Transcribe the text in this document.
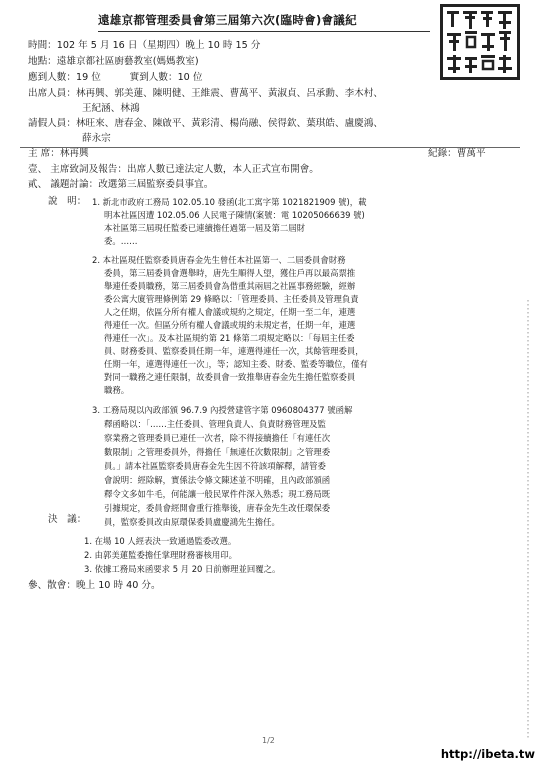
遠雄京都管理委員會第三屆第六次(臨時會)會議紀
時間：102 年 5 月 16 日（星期四）晚上 10 時 15 分
地點：遠雄京都社區廚藝教室(媽媽教室)
應到人數：19 位　　　實到人數：10 位
出席人員：林再興、郭美蓮、陳明健、王維震、曹萬平、黃淑貞、呂承勳、李木村、
王紀涵、林鴻
請假人員：林旺來、唐春金、陳啟平、黃彩清、楊尚融、侯得欽、葉琪皓、盧慶鴻、
薛永宗
主 席：林再興	紀錄：曹萬平
壹、 主席致詞及報告：出席人數已達法定人數，本人正式宣布開會。
貳、 議題討論：改選第三屆監察委員事宜。
說　明： 1. 新北市政府工務局 102.05.10 發函(北工寓字第 1021821909 號)，載
明本社區因遭 102.05.06 人民電子陳情(案號：電 10205066639 號)
本社區第三屆現任監委已連續擔任過第一屆及第二屆財
委。……
2. 本社區現任監察委員唐春金先生曾任本社區第一、二屆委員會財務
委員，第三屆委員會選舉時，唐先生順得人望，獲住戶再以最高票推
舉連任委員職務，第三屆委員會為借重其兩屆之社區事務經驗，經辦
委公寓大廈管理條例第 29 條略以：「管理委員、主任委員及管理負責
人之任期，依區分所有權人會議或規約之規定，任期一至二年，連選
得連任一次。但區分所有權人會議或規約未規定者，任期一年，連選
得連任一次」。及本社區規約第 21 條第二項規定略以：「每屆主任委
員、財務委員、監察委員任期一年，連選得連任一次，其餘管理委員，
任期一年，連選得連任一次」，等；認知主委、財委、監委等職位，僅有
對同一職務之連任限制，故委員會一致推舉唐春金先生擔任監察委員
職務。
3. 工務局現以內政部頒 96.7.9 內授營建管字第 0960804377 號函解
釋函略以：「……主任委員、管理負責人、負責財務管理及監
察業務之管理委員已連任一次者，除不得接續擔任「有連任次
數限制」之管理委員外，得擔任「無連任次數限制」之管理委
員。」請本社區監察委員唐春金先生因不符該項解釋，請管委
會說明：經除解，實係法令條文陳述並不明確，且內政部頒函
釋令文多如牛毛，何能讓一般民眾件件深入熟悉；現工務局既
引據規定，委員會經開會重行推舉後，唐春金先生改任環保委
員，監察委員改由原環保委員盧慶鴻先生擔任。
決　議：
1. 在場 10 人經表決一致通過監委改選。
2. 由郭美蓮監委擔任掌理財務審核用印。
3. 依據工務局來函要求 5 月 20 日前辦理並回覆之。
參、散會：晚上 10 時 40 分。
1/2
http://ibeta.tw
